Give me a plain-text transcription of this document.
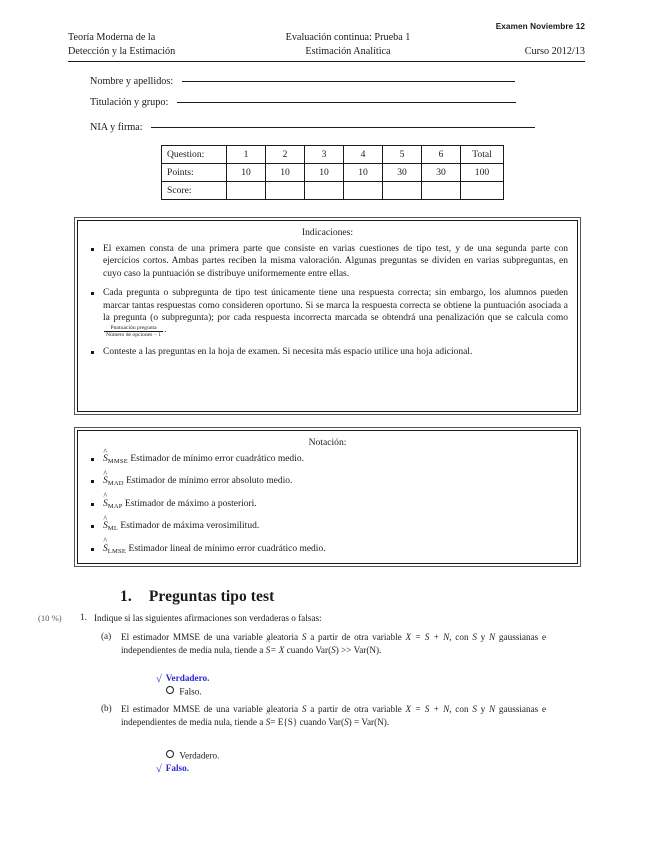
Examen Noviembre 12
Teoría Moderna de la	Evaluación continua: Prueba 1
Detección y la Estimación	Estimación Analítica	Curso 2012/13
Nombre y apellidos:
Titulación y grupo:
NIA y firma:
Question:	1	2	3	4	5	6	Total
Points:	10	10	10	10	30	30	100
Score:							
Indicaciones:
El examen consta de una primera parte que consiste en varias cuestiones de tipo test, y de una segunda parte con ejercicios cortos. Ambas partes reciben la misma valoración. Algunas preguntas se dividen en varias subpreguntas, en cuyo caso la puntuación se distribuye uniformemente entre ellas.
Cada pregunta o subpregunta de tipo test únicamente tiene una respuesta correcta; sin embargo, los alumnos pueden marcar tantas respuestas como consideren oportuno. Si se marca la respuesta correcta se obtiene la puntuación asociada a la pregunta (o subpregunta); por cada respuesta incorrecta marcada se obtendrá una penalización que se calcula como
$\frac{\text{Puntuación pregunta}}{\text{Número de opciones − 1}}$ .
Conteste a las preguntas en la hoja de examen. Si necesita más espacio utilice una hoja adicional.
Notación:
S $\^{}_{MMSE}$ Estimador de mínimo error cuadrático medio.
S $\^{}_{MAD}$ Estimador de mínimo error absoluto medio.
S $\^{}_{MAP}$ Estimador de máximo a posteriori.
S $\^{}_{ML}$ Estimador de máxima verosimilitud.
S $\^{}_{LMSE}$ Estimador lineal de mínimo error cuadrático medio.
1. Preguntas tipo test
(10 %) 1. Indique si las siguientes afirmaciones son verdaderas o falsas:
(a) El estimador MMSE de una variable aleatoria S a partir de otra variable X = S + N, con S y N gaussianas e independientes de media nula, tiende a S ^= X cuando Var(S) >> Var(N).
√ Verdadero.
Falso.
(b) El estimador MMSE de una variable aleatoria S a partir de otra variable X = S + N, con S y N gaussianas e independientes de media nula, tiende a S ^= E{S} cuando Var(S) = Var(N).
Verdadero.
√ Falso.
